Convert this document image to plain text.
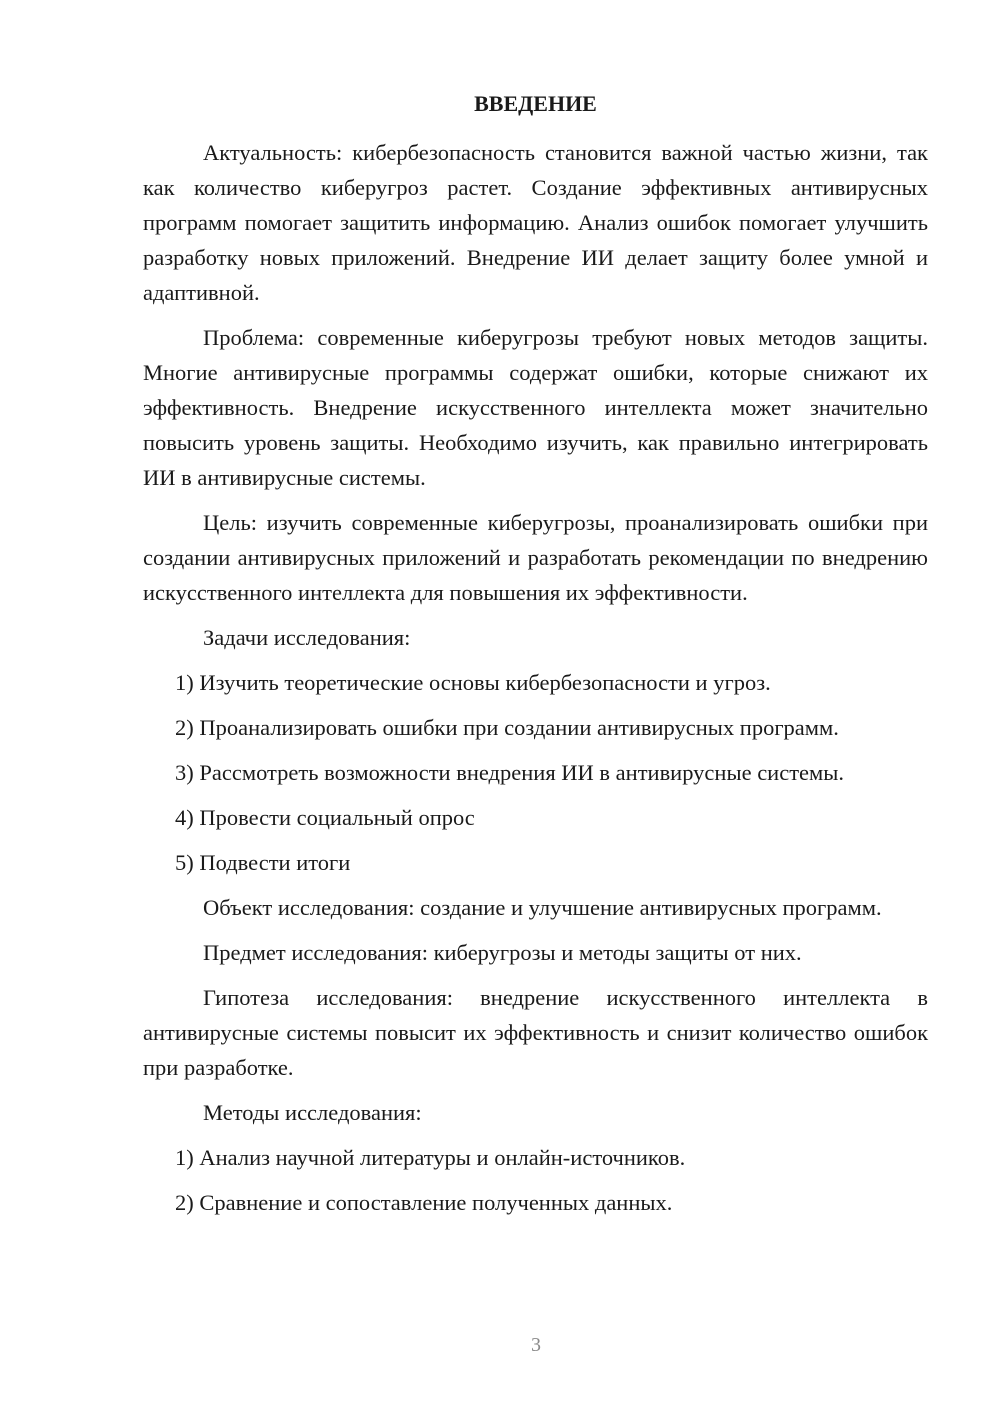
ВВЕДЕНИЕ

Актуальность: кибербезопасность становится важной частью жизни, так как количество киберугроз растет. Создание эффективных антивирусных программ помогает защитить информацию. Анализ ошибок помогает улучшить разработку новых приложений. Внедрение ИИ делает защиту более умной и адаптивной.

Проблема: современные киберугрозы требуют новых методов защиты. Многие антивирусные программы содержат ошибки, которые снижают их эффективность. Внедрение искусственного интеллекта может значительно повысить уровень защиты. Необходимо изучить, как правильно интегрировать ИИ в антивирусные системы.

Цель: изучить современные киберугрозы, проанализировать ошибки при создании антивирусных приложений и разработать рекомендации по внедрению искусственного интеллекта для повышения их эффективности.

Задачи исследования:

1) Изучить теоретические основы кибербезопасности и угроз.
2) Проанализировать ошибки при создании антивирусных программ.
3) Рассмотреть возможности внедрения ИИ в антивирусные системы.
4) Провести социальный опрос
5) Подвести итоги

Объект исследования: создание и улучшение антивирусных программ.

Предмет исследования: киберугрозы и методы защиты от них.

Гипотеза исследования: внедрение искусственного интеллекта в антивирусные системы повысит их эффективность и снизит количество ошибок при разработке.

Методы исследования:

1) Анализ научной литературы и онлайн-источников.
2) Сравнение и сопоставление полученных данных.
3
